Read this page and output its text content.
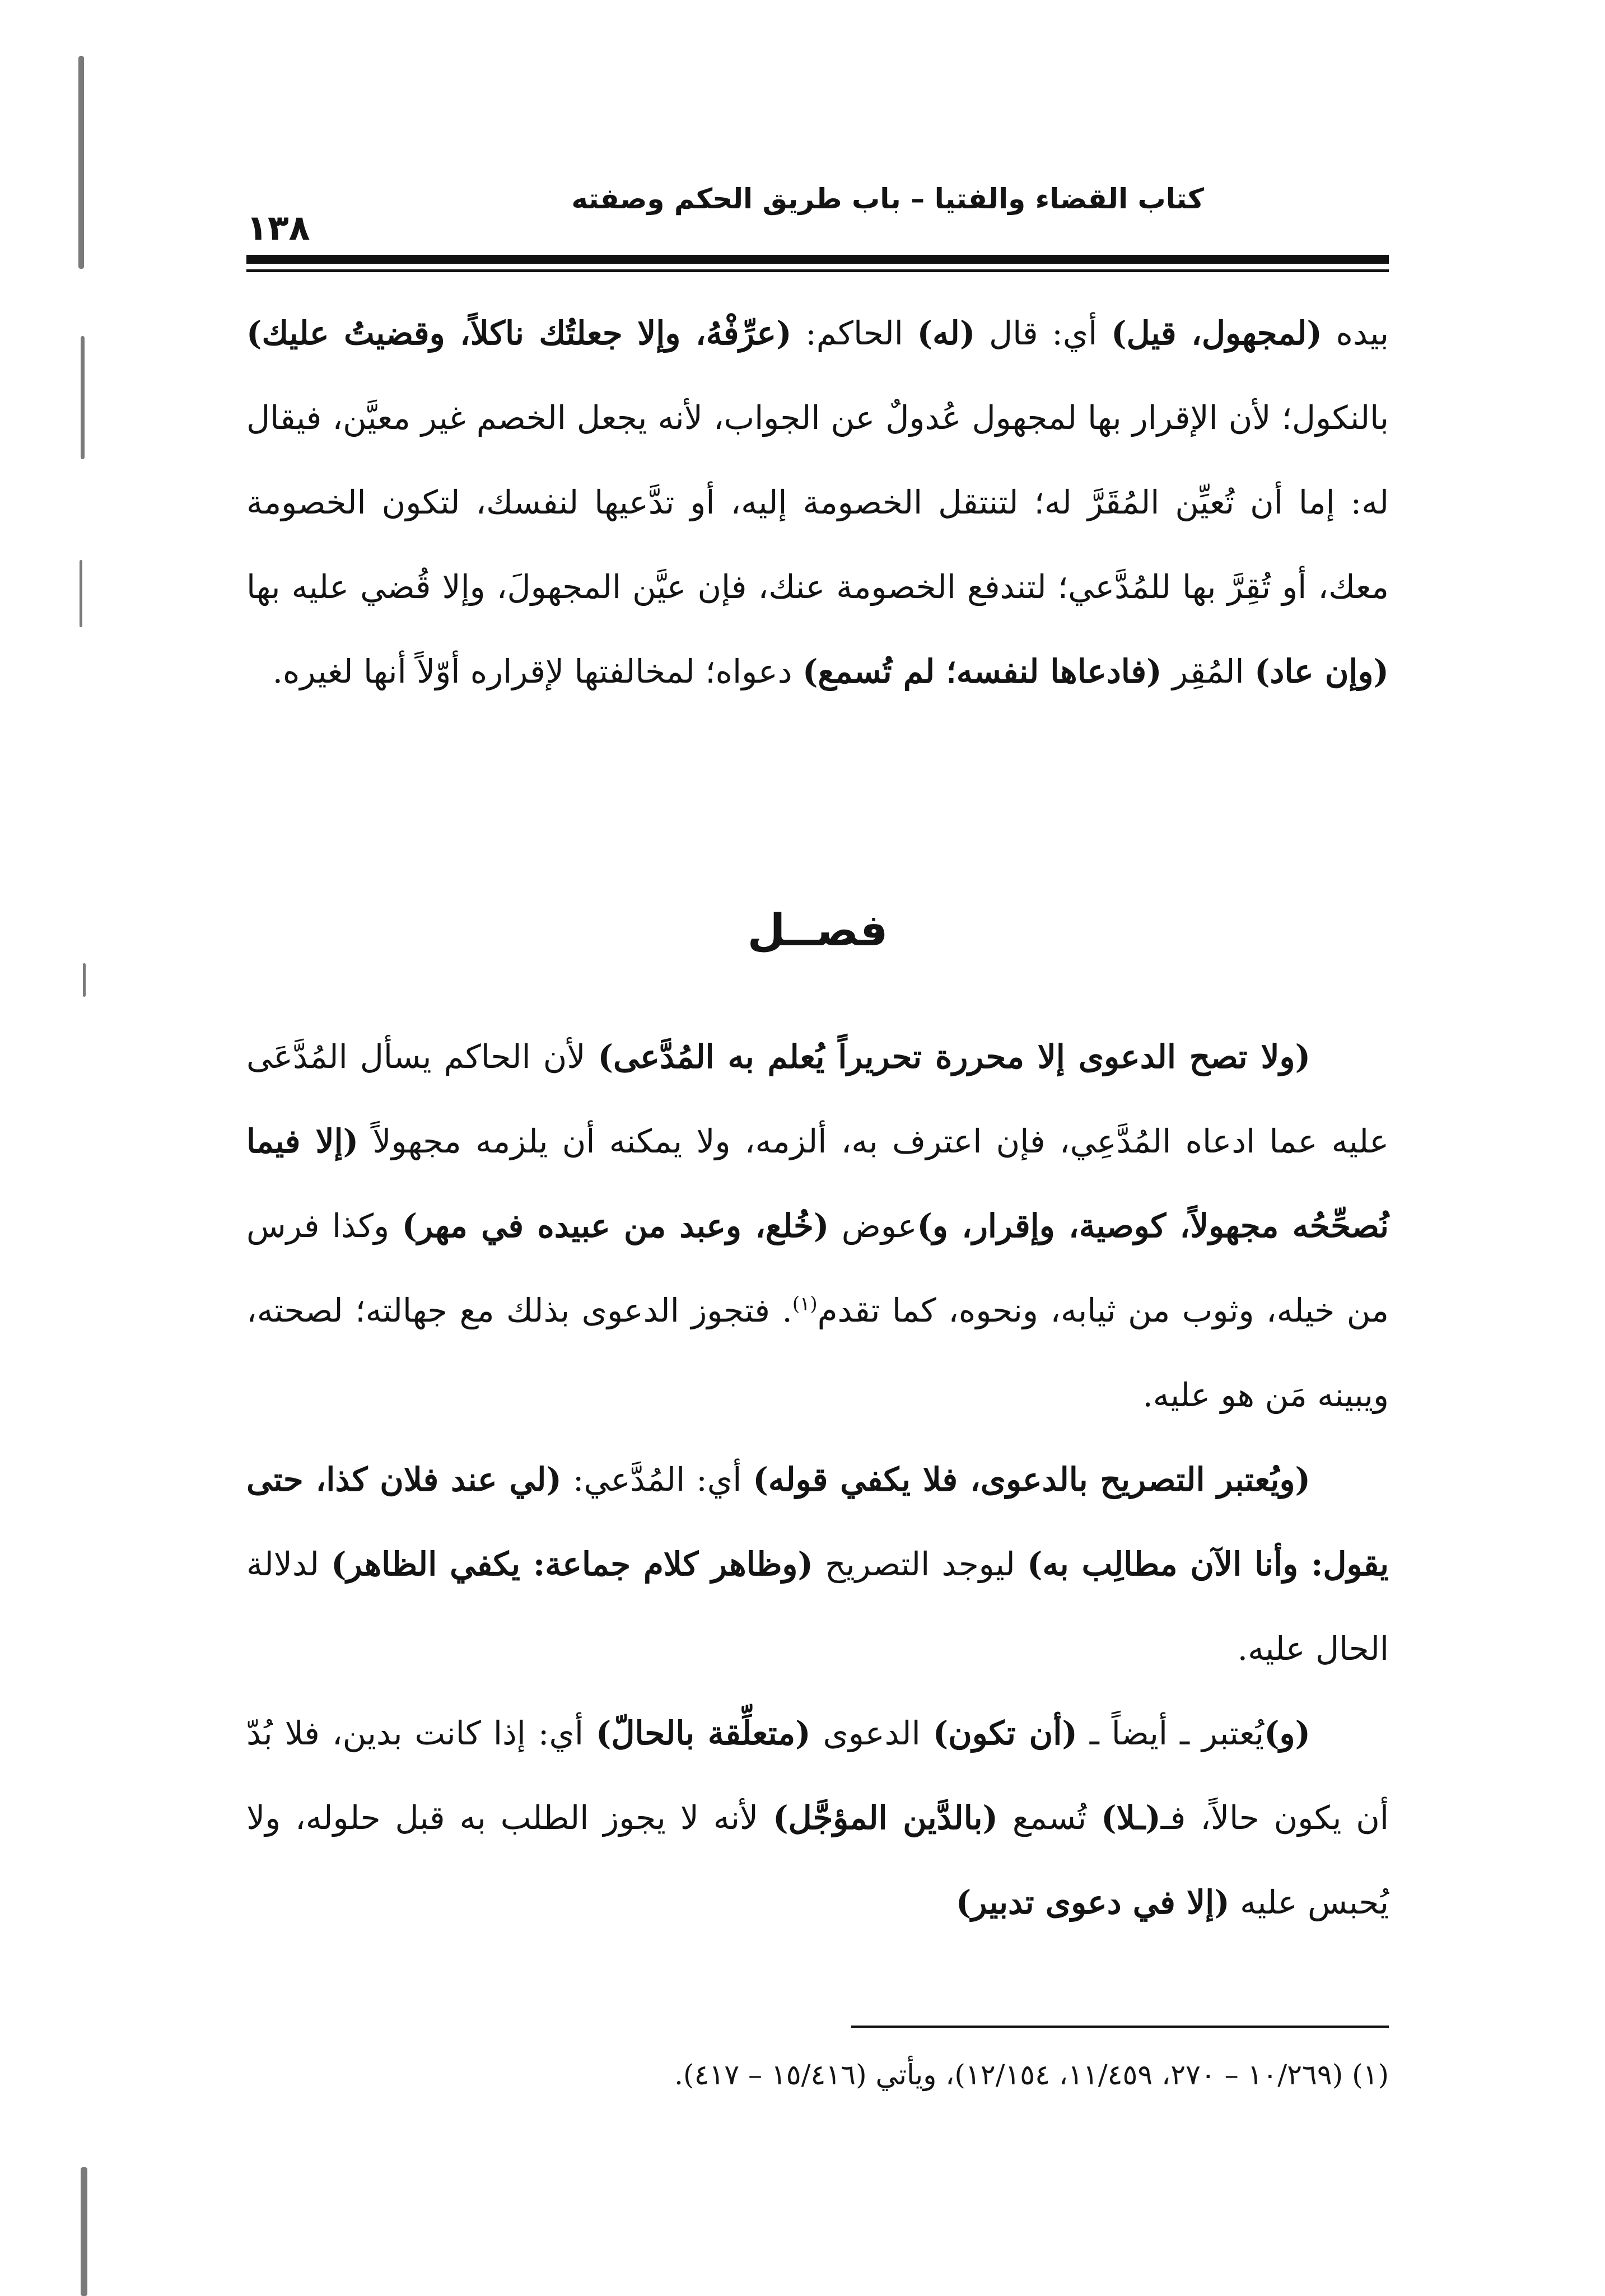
كتاب القضاء والفتيا – باب طريق الحكم وصفته
١٣٨

بيده (لمجهول، قيل) أي: قال (له) الحاكم: (عرِّفْهُ، وإلا جعلتُك ناكلاً، وقضيتُ عليك) بالنكول؛ لأن الإقرار بها لمجهول عُدولٌ عن الجواب، لأنه يجعل الخصم غير معيَّن، فيقال له: إما أن تُعيِّن المُقَرَّ له؛ لتنتقل الخصومة إليه، أو تدَّعيها لنفسك، لتكون الخصومة معك، أو تُقِرَّ بها للمُدَّعي؛ لتندفع الخصومة عنك، فإن عيَّن المجهولَ، وإلا قُضي عليه بها (وإن عاد) المُقِر (فادعاها لنفسه؛ لم تُسمع) دعواه؛ لمخالفتها لإقراره أوّلاً أنها لغيره.

فصــل

(ولا تصح الدعوى إلا محررة تحريراً يُعلم به المُدَّعى) لأن الحاكم يسأل المُدَّعَى عليه عما ادعاه المُدَّعِي، فإن اعترف به، ألزمه، ولا يمكنه أن يلزمه مجهولاً (إلا فيما نُصحِّحُه مجهولاً، كوصية، وإقرار، و)عوض (خُلع، وعبد من عبيده في مهر) وكذا فرس من خيله، وثوب من ثيابه، ونحوه، كما تقدم$^{(١)}$. فتجوز الدعوى بذلك مع جهالته؛ لصحته، ويبينه مَن هو عليه.

(ويُعتبر التصريح بالدعوى، فلا يكفي قوله) أي: المُدَّعي: (لي عند فلان كذا، حتى يقول: وأنا الآن مطالِب به) ليوجد التصريح (وظاهر كلام جماعة: يكفي الظاهر) لدلالة الحال عليه.

(و)يُعتبر ـ أيضاً ـ (أن تكون) الدعوى (متعلِّقة بالحالّ) أي: إذا كانت بدين، فلا بُدّ أن يكون حالاً، فـ(ـلا) تُسمع (بالدَّين المؤجَّل) لأنه لا يجوز الطلب به قبل حلوله، ولا يُحبس عليه (إلا في دعوى تدبير)

(١) (١٠/٢٦٩ – ٢٧٠، ١١/٤٥٩، ١٢/١٥٤)، ويأتي (١٥/٤١٦ – ٤١٧).
